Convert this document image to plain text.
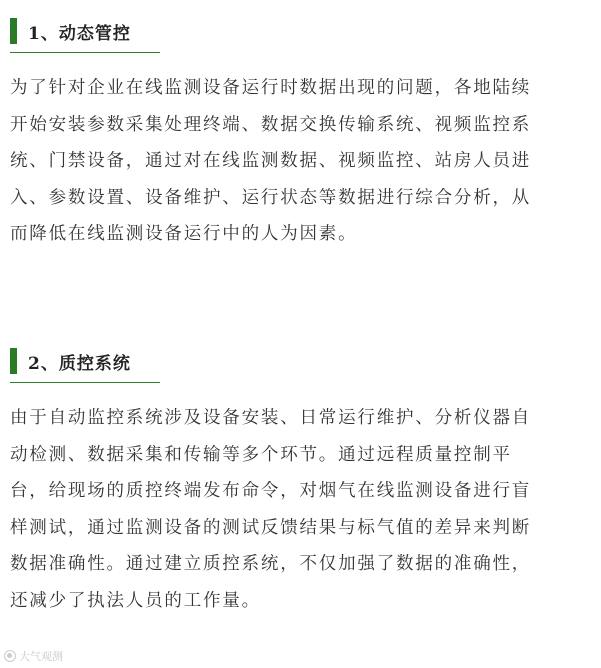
1、动态管控
为了针对企业在线监测设备运行时数据出现的问题，各地陆续
开始安装参数采集处理终端、数据交换传输系统、视频监控系
统、门禁设备，通过对在线监测数据、视频监控、站房人员进
入、参数设置、设备维护、运行状态等数据进行综合分析，从
而降低在线监测设备运行中的人为因素。
2、质控系统
由于自动监控系统涉及设备安装、日常运行维护、分析仪器自
动检测、数据采集和传输等多个环节。通过远程质量控制平
台，给现场的质控终端发布命令，对烟气在线监测设备进行盲
样测试，通过监测设备的测试反馈结果与标气值的差异来判断
数据准确性。通过建立质控系统，不仅加强了数据的准确性，
还减少了执法人员的工作量。
大气观测
